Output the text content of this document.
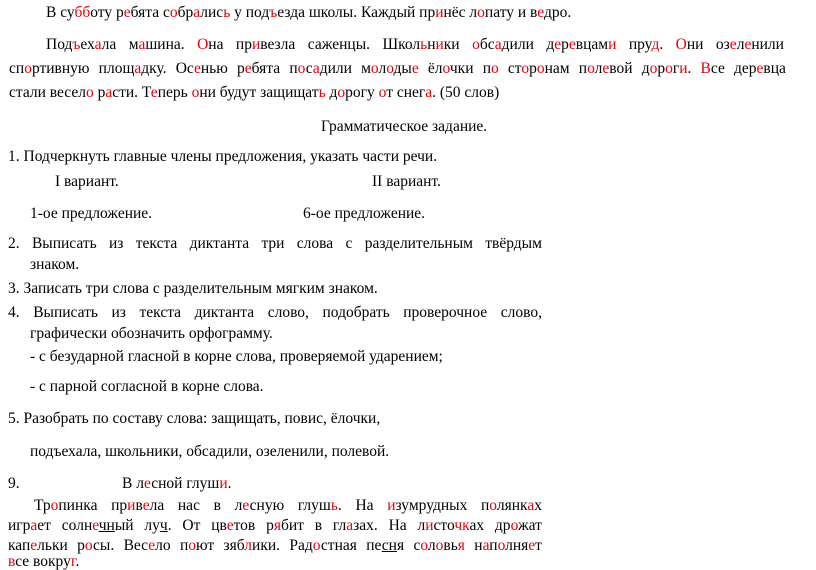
В субботу ребята собрались у подъезда школы. Каждый принёс лопату и ведро.
Подъехала машина. Она привезла саженцы. Школьники обсадили деревцами пруд. Они озеленили
спортивную площадку. Осенью ребята посадили молодые ёлочки по сторонам полевой дороги. Все деревца
стали весело расти. Теперь они будут защищать дорогу от снега. (50 слов)
Грамматическое задание.
1. Подчеркнуть главные члены предложения, указать части речи.
I вариант.	II вариант.
1-ое предложение.	6-ое предложение.
2. Выписать из текста диктанта три слова с разделительным твёрдым
знаком.
3. Записать три слова с разделительным мягким знаком.
4. Выписать из текста диктанта слово, подобрать проверочное слово,
графически обозначить орфограмму.
- с безударной гласной в корне слова, проверяемой ударением;
- с парной согласной в корне слова.
5. Разобрать по составу слова: защищать, повис, ёлочки,
подъехала, школьники, обсадили, озеленили, полевой.
9.	В лесной глуши.
Тропинка привела нас в лесную глушь. На изумрудных полянках
играет солнечный луч. От цветов рябит в глазах. На листочках дрожат
капельки росы. Весело поют зяблики. Радостная песня соловья наполняет
все вокруг.
